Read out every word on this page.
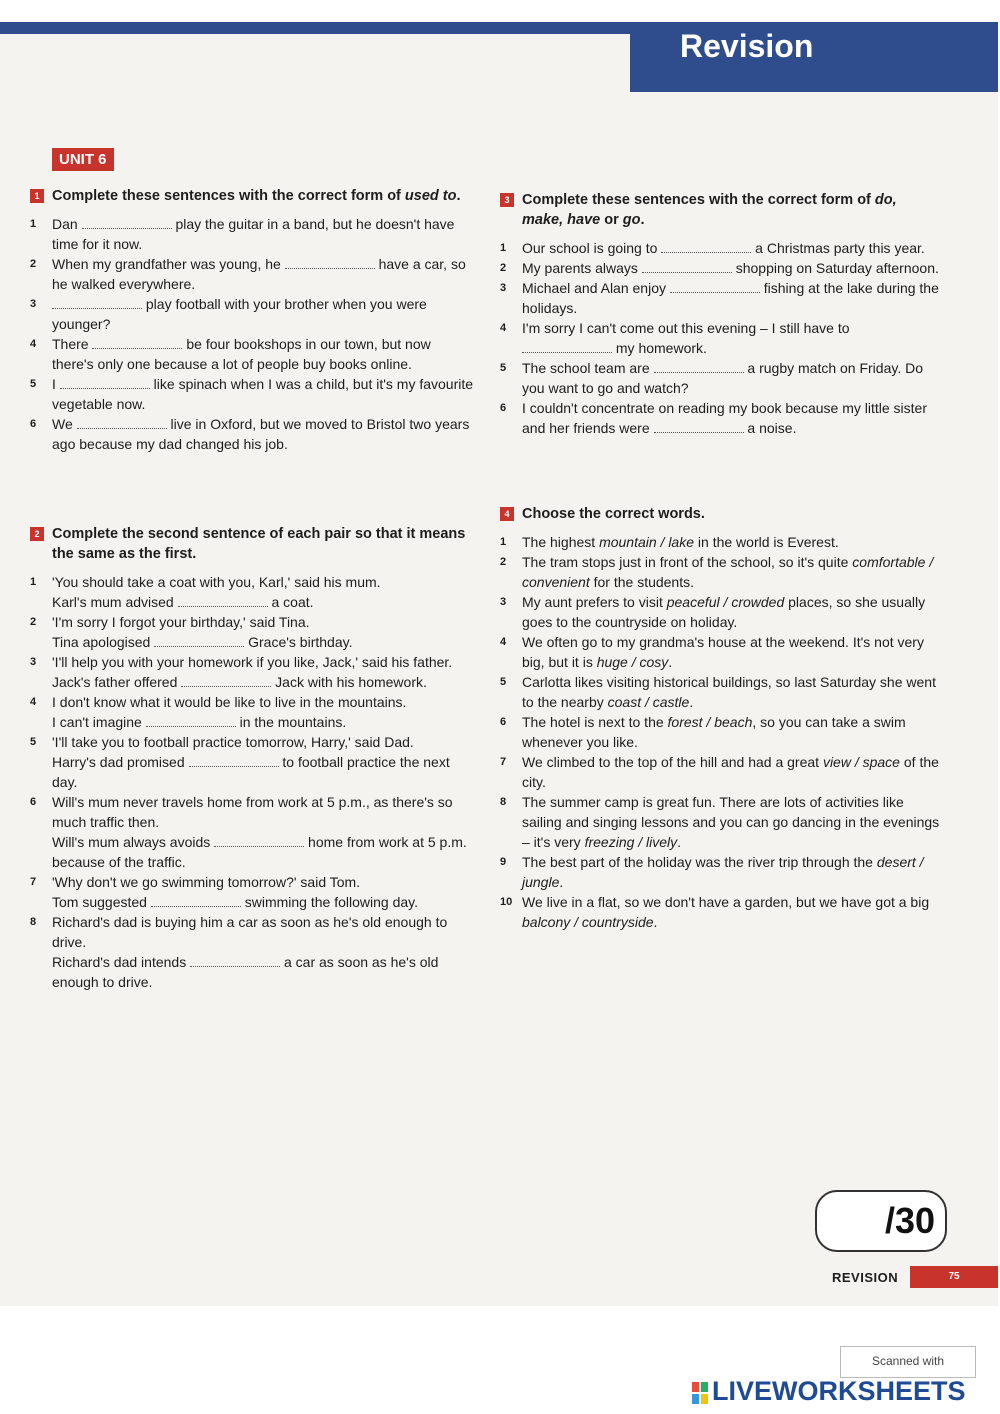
Revision
UNIT 6
1 Complete these sentences with the correct form of used to.
1	Dan	play the guitar in a band, but he doesn't have time for it now.
2	When my grandfather was young, he	have a car, so he walked everywhere.
3	play football with your brother when you were younger?
4	There	be four bookshops in our town, but now there's only one because a lot of people buy books online.
5	I	like spinach when I was a child, but it's my favourite vegetable now.
6	We	live in Oxford, but we moved to Bristol two years ago because my dad changed his job.
2 Complete the second sentence of each pair so that it means the same as the first.
1	'You should take a coat with you, Karl,' said his mum.
Karl's mum advised	a coat.
2	'I'm sorry I forgot your birthday,' said Tina.
Tina apologised	Grace's birthday.
3	'I'll help you with your homework if you like, Jack,' said his father.
Jack's father offered	Jack with his homework.
4	I don't know what it would be like to live in the mountains.
I can't imagine	in the mountains.
5	'I'll take you to football practice tomorrow, Harry,' said Dad.
Harry's dad promised	to football practice the next day.
6	Will's mum never travels home from work at 5 p.m., as there's so much traffic then.
Will's mum always avoids	home from work at 5 p.m. because of the traffic.
7	'Why don't we go swimming tomorrow?' said Tom.
Tom suggested	swimming the following day.
8	Richard's dad is buying him a car as soon as he's old enough to drive.
Richard's dad intends	a car as soon as he's old enough to drive.
3 Complete these sentences with the correct form of do, make, have or go.
1	Our school is going to	a Christmas party this year.
2	My parents always	shopping on Saturday afternoon.
3	Michael and Alan enjoy	fishing at the lake during the holidays.
4	I'm sorry I can't come out this evening – I still have to  my homework.
5	The school team are	a rugby match on Friday. Do you want to go and watch?
6	I couldn't concentrate on reading my book because my little sister and her friends were	a noise.
4 Choose the correct words.
1	The highest mountain / lake in the world is Everest.
2	The tram stops just in front of the school, so it's quite comfortable / convenient for the students.
3	My aunt prefers to visit peaceful / crowded places, so she usually goes to the countryside on holiday.
4	We often go to my grandma's house at the weekend. It's not very big, but it is huge / cosy.
5	Carlotta likes visiting historical buildings, so last Saturday she went to the nearby coast / castle.
6	The hotel is next to the forest / beach, so you can take a swim whenever you like.
7	We climbed to the top of the hill and had a great view / space of the city.
8	The summer camp is great fun. There are lots of activities like sailing and singing lessons and you can go dancing in the evenings – it's very freezing / lively.
9	The best part of the holiday was the river trip through the desert / jungle.
10 We live in a flat, so we don't have a garden, but we have got a big balcony / countryside.
/30
REVISION	75
Scanned with
LIVEWORKSHEETS
